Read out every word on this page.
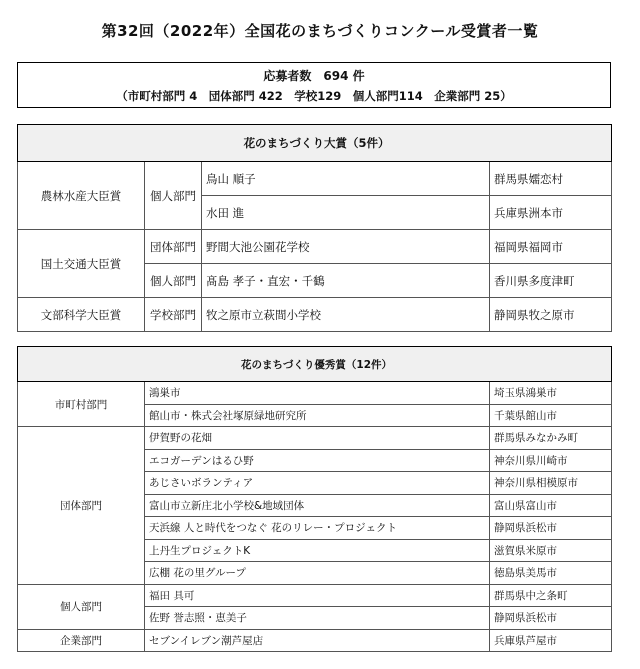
第32回（2022年）全国花のまちづくりコンクール受賞者一覧
応募者数　694 件
（市町村部門 4　団体部門 422　学校129　個人部門114　企業部門 25）
花のまちづくり大賞（5件）			
農林水産大臣賞	個人部門	鳥山 順子	群馬県嬬恋村
		水田 進	兵庫県洲本市
国土交通大臣賞	団体部門	野間大池公園花学校	福岡県福岡市
	個人部門	髙島 孝子・直宏・千鶴	香川県多度津町
文部科学大臣賞	学校部門	牧之原市立萩間小学校	静岡県牧之原市
花のまちづくり優秀賞（12件）		
市町村部門	鴻巣市	埼玉県鴻巣市
	館山市・株式会社塚原緑地研究所	千葉県館山市
団体部門	伊賀野の花畑	群馬県みなかみ町
	エコガーデンはるひ野	神奈川県川崎市
	あじさいボランティア	神奈川県相模原市
	富山市立新庄北小学校&地域団体	富山県富山市
	天浜線 人と時代をつなぐ 花のリレー・プロジェクト	静岡県浜松市
	上丹生プロジェクトK	滋賀県米原市
	広棚 花の里グループ	徳島県美馬市
個人部門	福田 具可	群馬県中之条町
	佐野 誉志照・恵美子	静岡県浜松市
企業部門	セブンイレブン潮芦屋店	兵庫県芦屋市
